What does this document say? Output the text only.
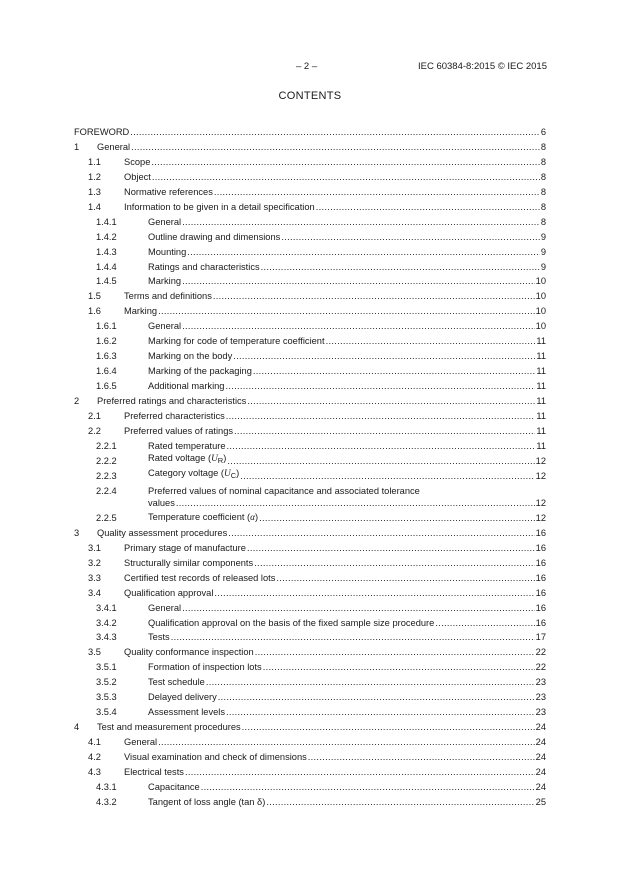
– 2 –	IEC 60384-8:2015 © IEC 2015
CONTENTS
FOREWORD .....	6
1	General .....	8
1.1	Scope .....	8
1.2	Object .....	8
1.3	Normative references .....	8
1.4	Information to be given in a detail specification .....	8
1.4.1	General .....	8
1.4.2	Outline drawing and dimensions .....	9
1.4.3	Mounting .....	9
1.4.4	Ratings and characteristics .....	9
1.4.5	Marking .....	10
1.5	Terms and definitions .....	10
1.6	Marking .....	10
1.6.1	General .....	10
1.6.2	Marking for code of temperature coefficient .....	11
1.6.3	Marking on the body .....	11
1.6.4	Marking of the packaging .....	11
1.6.5	Additional marking .....	11
2	Preferred ratings and characteristics .....	11
2.1	Preferred characteristics .....	11
2.2	Preferred values of ratings .....	11
2.2.1	Rated temperature .....	11
2.2.2	Rated voltage $(U_R)$ .....	12
2.2.3	Category voltage $(U_C)$ .....	12
2.2.4	Preferred values of nominal capacitance and associated tolerance
values .....	12
2.2.5	Temperature coefficient (α) .....	12
3	Quality assessment procedures .....	16
3.1	Primary stage of manufacture .....	16
3.2	Structurally similar components .....	16
3.3	Certified test records of released lots .....	16
3.4	Qualification approval .....	16
3.4.1	General .....	16
3.4.2	Qualification approval on the basis of the fixed sample size procedure .....	16
3.4.3	Tests .....	17
3.5	Quality conformance inspection .....	22
3.5.1	Formation of inspection lots .....	22
3.5.2	Test schedule .....	23
3.5.3	Delayed delivery .....	23
3.5.4	Assessment levels .....	23
4	Test and measurement procedures .....	24
4.1	General .....	24
4.2	Visual examination and check of dimensions .....	24
4.3	Electrical tests .....	24
4.3.1	Capacitance .....	24
4.3.2	Tangent of loss angle (tan δ) .....	25
